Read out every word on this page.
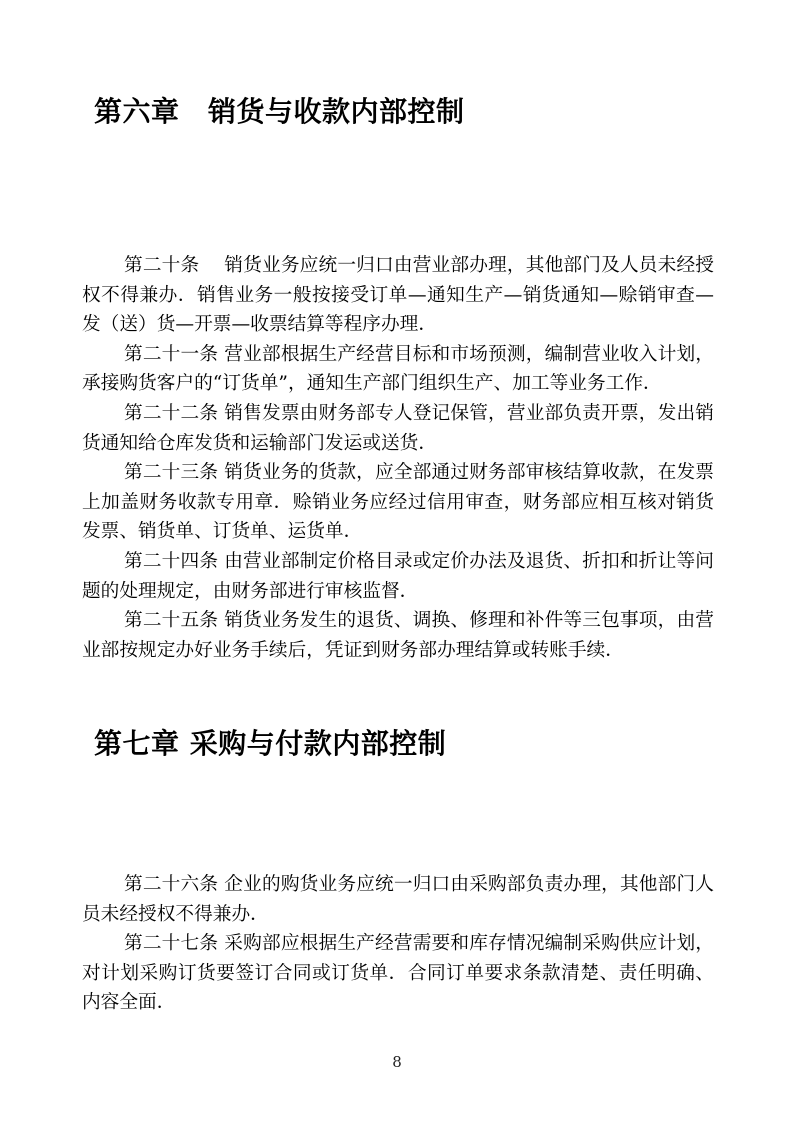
第六章　销货与收款内部控制

第二十条　 销货业务应统一归口由营业部办理，其他部门及人员未经授权不得兼办．销售业务一般按接受订单—通知生产—销货通知—赊销审查—发（送）货—开票—收票结算等程序办理．

第二十一条 营业部根据生产经营目标和市场预测，编制营业收入计划，承接购货客户的“订货单”，通知生产部门组织生产、加工等业务工作．

第二十二条 销售发票由财务部专人登记保管，营业部负责开票，发出销货通知给仓库发货和运输部门发运或送货．

第二十三条 销货业务的货款，应全部通过财务部审核结算收款，在发票上加盖财务收款专用章．赊销业务应经过信用审查，财务部应相互核对销货发票、销货单、订货单、运货单．

第二十四条 由营业部制定价格目录或定价办法及退货、折扣和折让等问题的处理规定，由财务部进行审核监督．

第二十五条 销货业务发生的退货、调换、修理和补件等三包事项，由营业部按规定办好业务手续后，凭证到财务部办理结算或转账手续．

第七章 采购与付款内部控制

第二十六条 企业的购货业务应统一归口由采购部负责办理，其他部门人员未经授权不得兼办．

第二十七条 采购部应根据生产经营需要和库存情况编制采购供应计划，对计划采购订货要签订合同或订货单．合同订单要求条款清楚、责任明确、内容全面．

8
